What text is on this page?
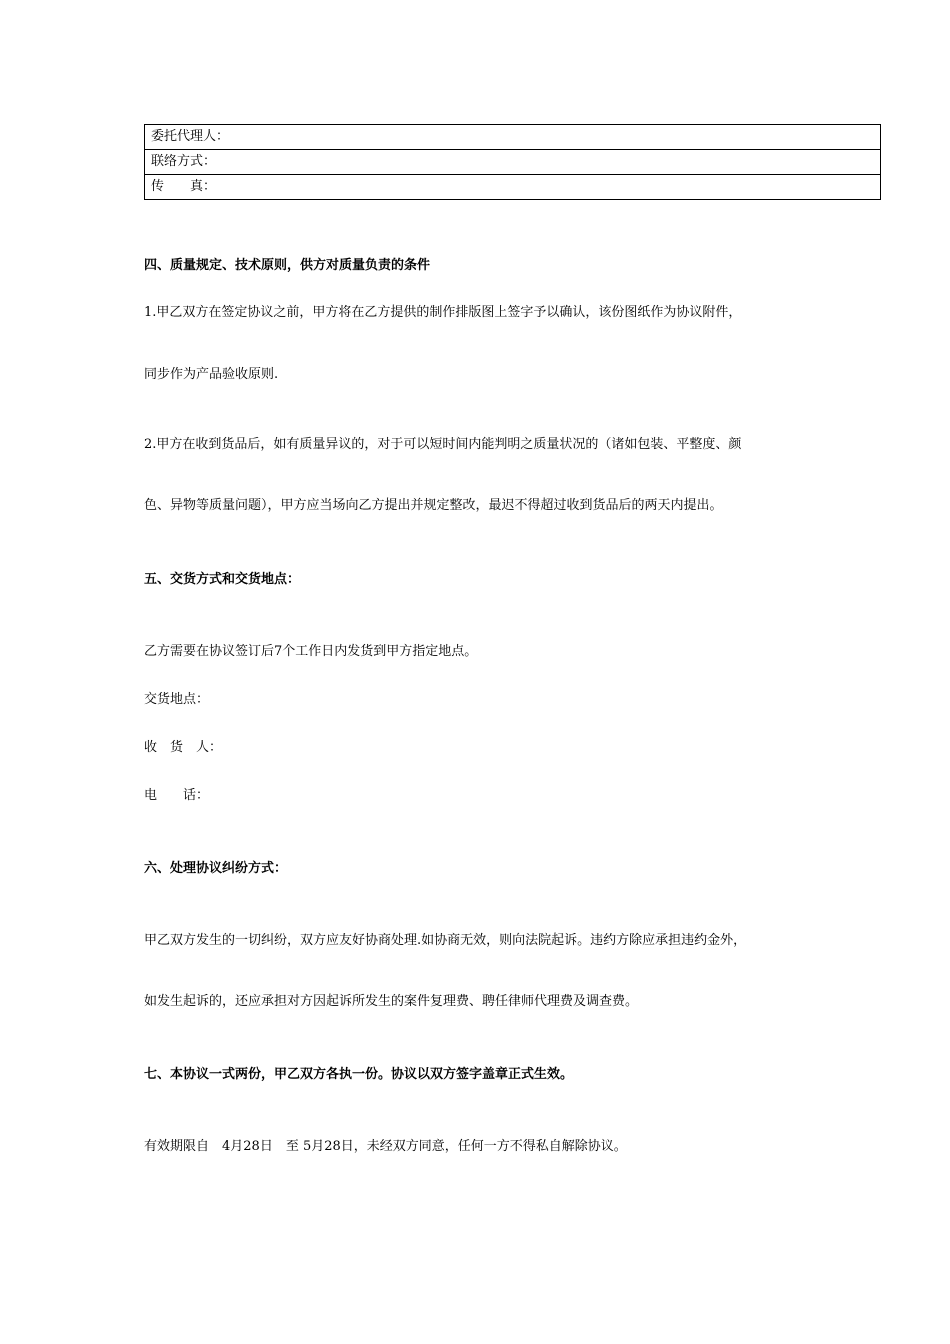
委托代理人：
联络方式：
传　　真：
四、质量规定、技术原则，供方对质量负责的条件
1.甲乙双方在签定协议之前，甲方将在乙方提供的制作排版图上签字予以确认，该份图纸作为协议附件，
同步作为产品验收原则.
2.甲方在收到货品后，如有质量异议的，对于可以短时间内能判明之质量状况的（诸如包装、平整度、颜
色、异物等质量问题），甲方应当场向乙方提出并规定整改，最迟不得超过收到货品后的两天内提出。
五、交货方式和交货地点：
乙方需要在协议签订后7个工作日内发货到甲方指定地点。
交货地点：
收　货　人：
电　　话：
六、处理协议纠纷方式：
甲乙双方发生的一切纠纷，双方应友好协商处理.如协商无效，则向法院起诉。违约方除应承担违约金外，
如发生起诉的，还应承担对方因起诉所发生的案件复理费、聘任律师代理费及调查费。
七、本协议一式两份，甲乙双方各执一份。协议以双方签字盖章正式生效。
有效期限自　4月28日　至 5月28日，未经双方同意，任何一方不得私自解除协议。
